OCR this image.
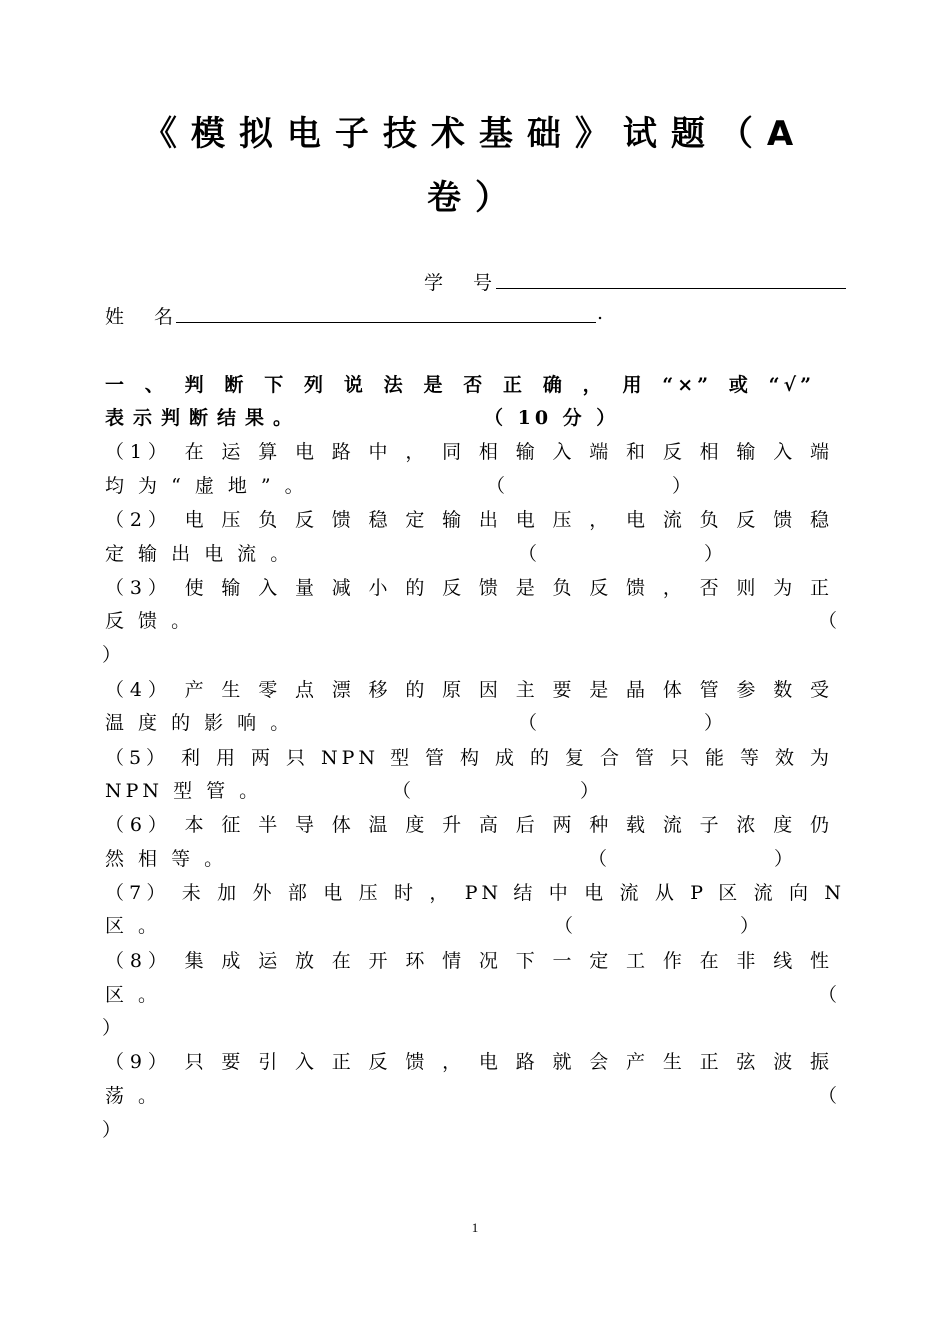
《模拟电子技术基础》试题（A
卷）
学 号
姓 名	.
一、判断下列说法是否正确，用“×”或“√”
表示判断结果。	（ 10 分 ）
（1） 在 运 算 电 路 中 ， 同 相 输 入 端 和 反 相 输 入 端
均 为 “ 虚 地 ” 。	（	）
（2） 电 压 负 反 馈 稳 定 输 出 电 压 ， 电 流 负 反 馈 稳
定 输 出 电 流 。	（	）
（3） 使 输 入 量 减 小 的 反 馈 是 负 反 馈 ， 否 则 为 正
反 馈 。	（
）
（4） 产 生 零 点 漂 移 的 原 因 主 要 是 晶 体 管 参 数 受
温 度 的 影 响 。	（	）
（5） 利 用 两 只 NPN 型 管 构 成 的 复 合 管 只 能 等 效 为
NPN 型 管 。	（	）
（6） 本 征 半 导 体 温 度 升 高 后 两 种 载 流 子 浓 度 仍
然 相 等 。	（	）
（7） 未 加 外 部 电 压 时 ， PN 结 中 电 流 从 P 区 流 向 N
区 。	（	）
（8） 集 成 运 放 在 开 环 情 况 下 一 定 工 作 在 非 线 性
区 。	（
）
（9） 只 要 引 入 正 反 馈 ， 电 路 就 会 产 生 正 弦 波 振
荡 。	（
）
1
